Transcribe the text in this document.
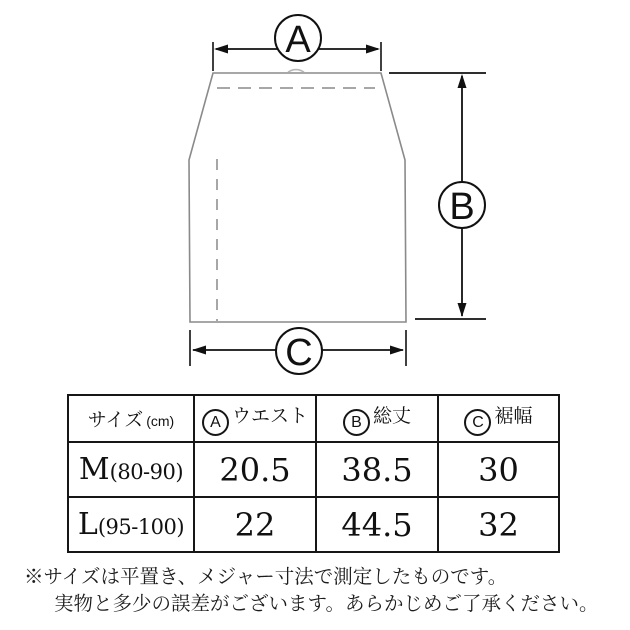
A
B
C
サイズ (cm)	A ウエスト	B 総丈	C 裾幅
M(80-90)	20.5	38.5	30
L(95-100)	22	44.5	32
※サイズは平置き、メジャー寸法で測定したものです。
実物と多少の誤差がございます。あらかじめご了承ください。
